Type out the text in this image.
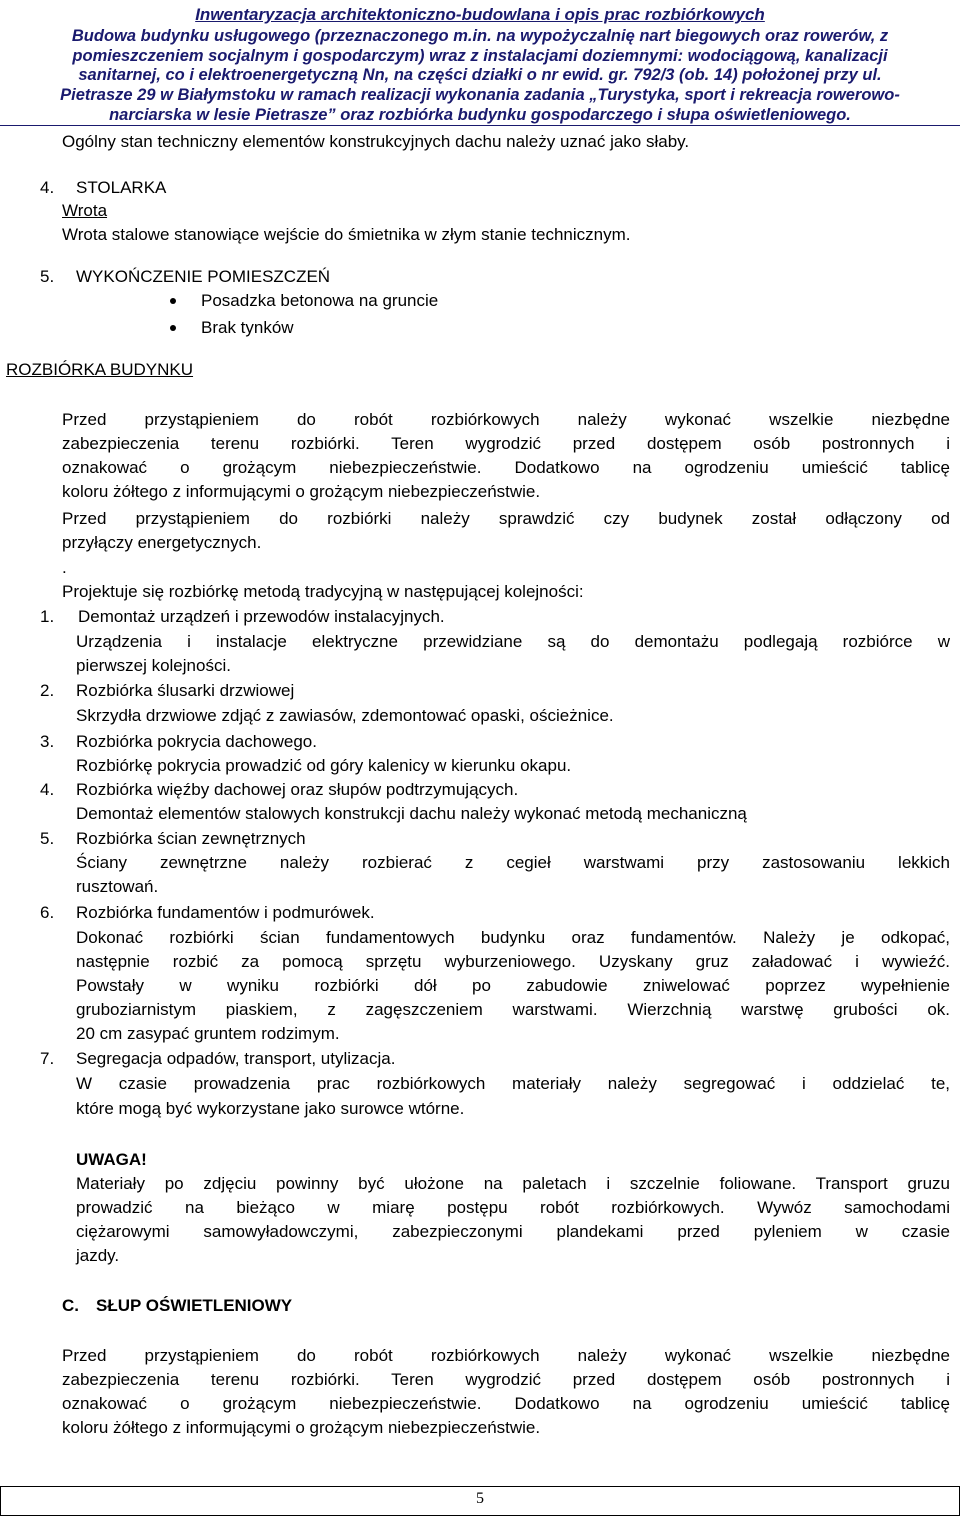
Inwentaryzacja architektoniczno-budowlana i opis prac rozbiórkowych
Budowa budynku usługowego (przeznaczonego m.in. na wypożyczalnię nart biegowych oraz rowerów, z
pomieszczeniem socjalnym i gospodarczym) wraz z instalacjami doziemnymi: wodociągową, kanalizacji
sanitarnej, co i elektroenergetyczną Nn, na części działki o nr ewid. gr. 792/3 (ob. 14) położonej przy ul.
Pietrasze 29 w Białymstoku w ramach realizacji wykonania zadania „Turystyka, sport i rekreacja rowerowo-
narciarska w lesie Pietrasze” oraz rozbiórka budynku gospodarczego i słupa oświetleniowego.
Ogólny stan techniczny elementów konstrukcyjnych dachu należy uznać jako słaby.
4. STOLARKA
Wrota
Wrota stalowe stanowiące wejście do śmietnika w złym stanie technicznym.
5. WYKOŃCZENIE POMIESZCZEŃ
Posadzka betonowa na gruncie
Brak tynków
ROZBIÓRKA BUDYNKU
Przed przystąpieniem do robót rozbiórkowych należy wykonać wszelkie niezbędne
zabezpieczenia terenu rozbiórki. Teren wygrodzić przed dostępem osób postronnych i
oznakować o grożącym niebezpieczeństwie. Dodatkowo na ogrodzeniu umieścić tablicę
koloru żółtego z informującymi o grożącym niebezpieczeństwie.
Przed przystąpieniem do rozbiórki należy sprawdzić czy budynek został odłączony od
przyłączy energetycznych.
.
Projektuje się rozbiórkę metodą tradycyjną w następującej kolejności:
1. Demontaż urządzeń i przewodów instalacyjnych.
Urządzenia i instalacje elektryczne przewidziane są do demontażu podlegają rozbiórce w
pierwszej kolejności.
2. Rozbiórka ślusarki drzwiowej
Skrzydła drzwiowe zdjąć z zawiasów, zdemontować opaski, ościeżnice.
3. Rozbiórka pokrycia dachowego.
Rozbiórkę pokrycia prowadzić od góry kalenicy w kierunku okapu.
4. Rozbiórka więźby dachowej oraz słupów podtrzymujących.
Demontaż elementów stalowych konstrukcji dachu należy wykonać metodą mechaniczną
5. Rozbiórka ścian zewnętrznych
Ściany zewnętrzne należy rozbierać z cegieł warstwami przy zastosowaniu lekkich
rusztowań.
6. Rozbiórka fundamentów i podmurówek.
Dokonać rozbiórki ścian fundamentowych budynku oraz fundamentów. Należy je odkopać,
następnie rozbić za pomocą sprzętu wyburzeniowego. Uzyskany gruz załadować i wywieźć.
Powstały w wyniku rozbiórki dół po zabudowie zniwelować poprzez wypełnienie
gruboziarnistym piaskiem, z zagęszczeniem warstwami. Wierzchnią warstwę grubości ok.
20 cm zasypać gruntem rodzimym.
7. Segregacja odpadów, transport, utylizacja.
W czasie prowadzenia prac rozbiórkowych materiały należy segregować i oddzielać te,
które mogą być wykorzystane jako surowce wtórne.
UWAGA!
Materiały po zdjęciu powinny być ułożone na paletach i szczelnie foliowane. Transport gruzu
prowadzić na bieżąco w miarę postępu robót rozbiórkowych. Wywóz samochodami
ciężarowymi samowyładowczymi, zabezpieczonymi plandekami przed pyleniem w czasie
jazdy.
C. SŁUP OŚWIETLENIOWY
Przed przystąpieniem do robót rozbiórkowych należy wykonać wszelkie niezbędne
zabezpieczenia terenu rozbiórki. Teren wygrodzić przed dostępem osób postronnych i
oznakować o grożącym niebezpieczeństwie. Dodatkowo na ogrodzeniu umieścić tablicę
koloru żółtego z informującymi o grożącym niebezpieczeństwie.
5
